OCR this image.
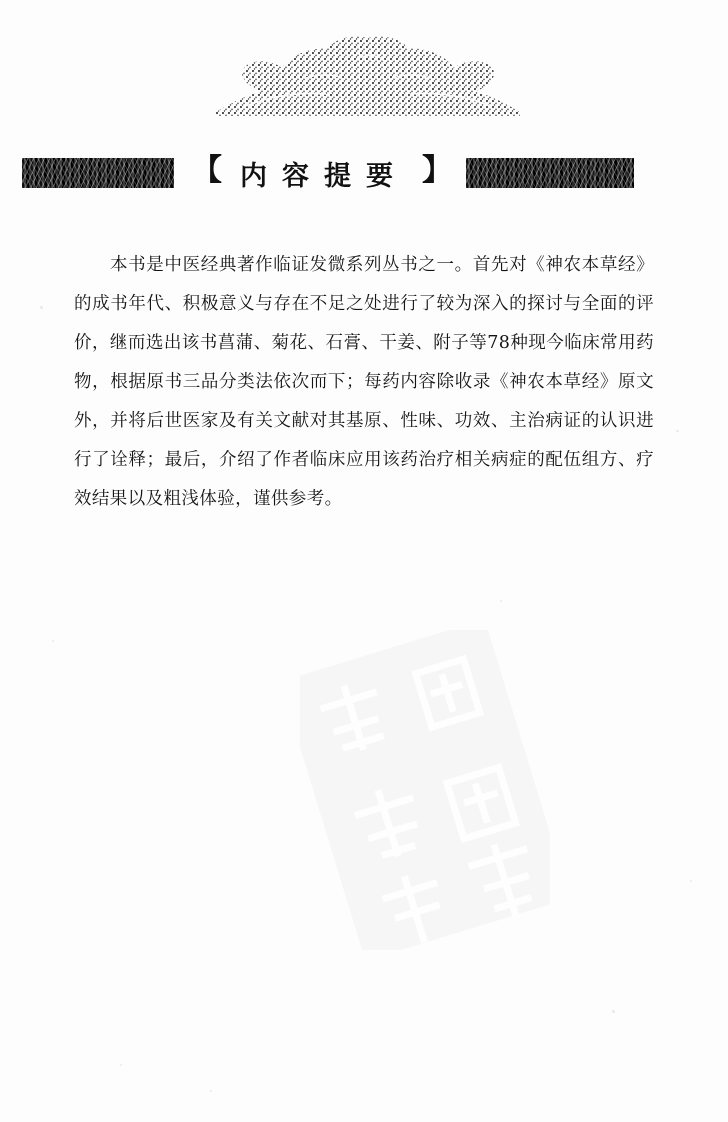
【 内容提要 】
本书是中医经典著作临证发微系列丛书之一。首先对《神农本草经》的成书年代、积极意义与存在不足之处进行了较为深入的探讨与全面的评价，继而选出该书菖蒲、菊花、石膏、干姜、附子等78种现今临床常用药物，根据原书三品分类法依次而下；每药内容除收录《神农本草经》原文外，并将后世医家及有关文献对其基原、性味、功效、主治病证的认识进行了诠释；最后，介绍了作者临床应用该药治疗相关病症的配伍组方、疗效结果以及粗浅体验，谨供参考。
